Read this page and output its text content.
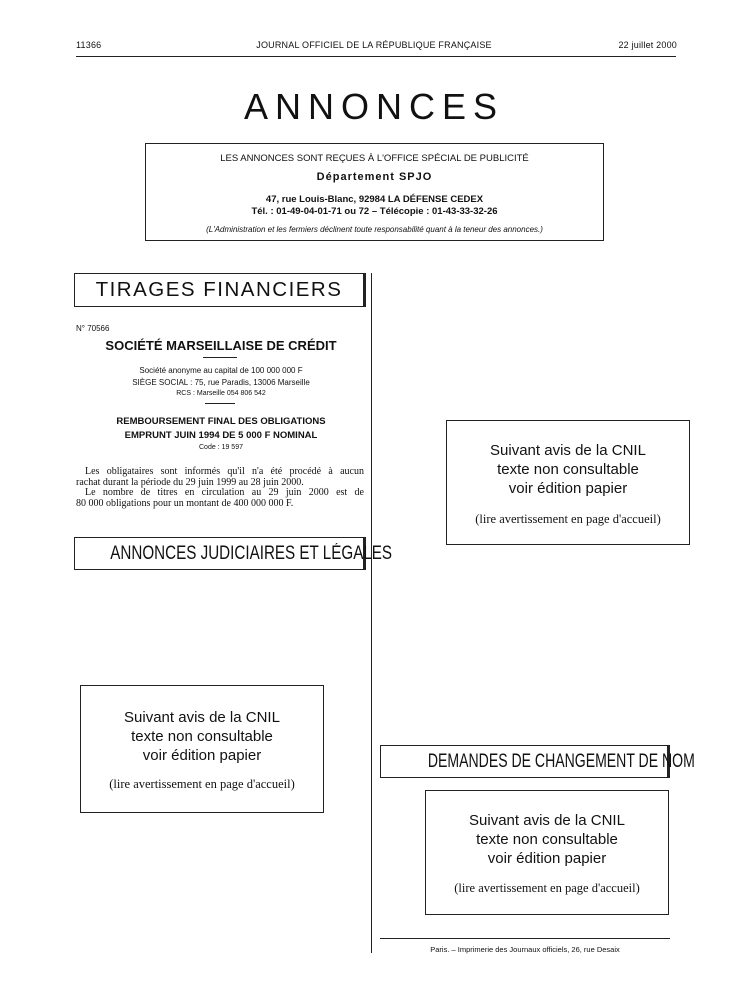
11366	JOURNAL OFFICIEL DE LA RÉPUBLIQUE FRANÇAISE	22 juillet 2000
ANNONCES
LES ANNONCES SONT REÇUES À L'OFFICE SPÉCIAL DE PUBLICITÉ
Département SPJO
47, rue Louis-Blanc, 92984 LA DÉFENSE CEDEX
Tél. : 01-49-04-01-71 ou 72 – Télécopie : 01-43-33-32-26
(L'Administration et les fermiers déclinent toute responsabilité quant à la teneur des annonces.)
TIRAGES FINANCIERS
N° 70566
SOCIÉTÉ MARSEILLAISE DE CRÉDIT
Société anonyme au capital de 100 000 000 F
SIÈGE SOCIAL : 75, rue Paradis, 13006 Marseille
RCS : Marseille 054 806 542
REMBOURSEMENT FINAL DES OBLIGATIONS
EMPRUNT JUIN 1994 DE 5 000 F NOMINAL
Code : 19 597
Les obligataires sont informés qu'il n'a été procédé à aucun
rachat durant la période du 29 juin 1999 au 28 juin 2000.
Le nombre de titres en circulation au 29 juin 2000 est de
80 000 obligations pour un montant de 400 000 000 F.
ANNONCES JUDICIAIRES ET LÉGALES
Suivant avis de la CNIL
texte non consultable
voir édition papier
(lire avertissement en page d'accueil)
Suivant avis de la CNIL
texte non consultable
voir édition papier
(lire avertissement en page d'accueil)
DEMANDES DE CHANGEMENT DE NOM
Suivant avis de la CNIL
texte non consultable
voir édition papier
(lire avertissement en page d'accueil)
Paris. – Imprimerie des Journaux officiels, 26, rue Desaix
